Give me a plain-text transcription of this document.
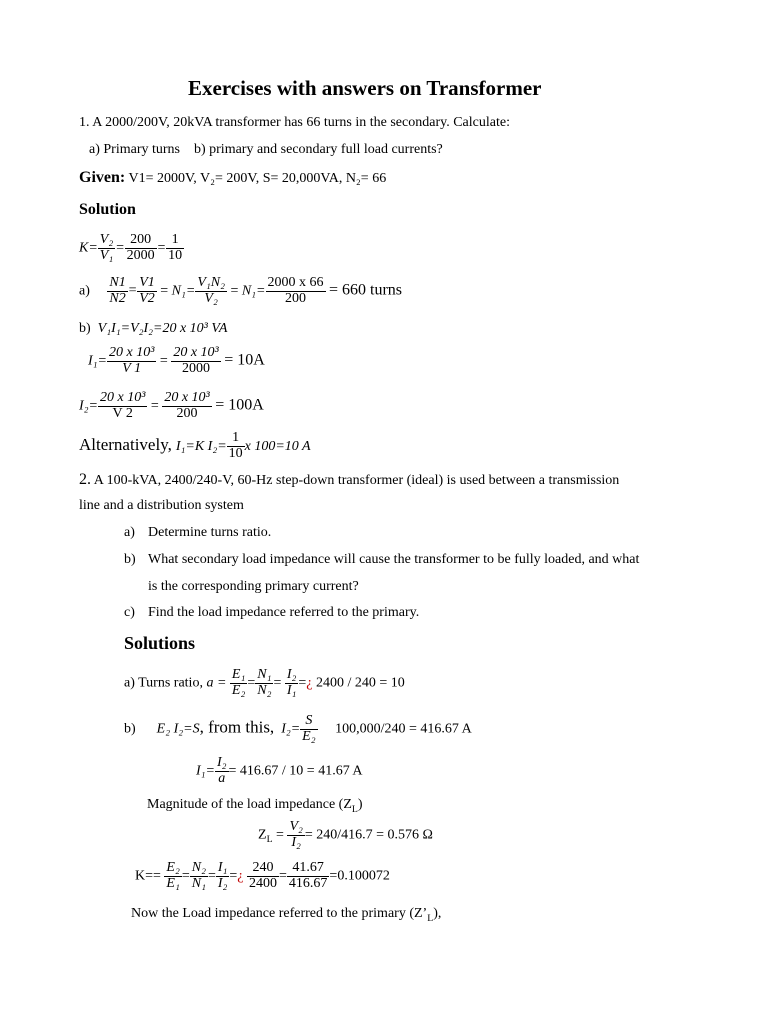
Exercises with answers on Transformer
1. A 2000/200V, 20kVA transformer has 66 turns in the secondary. Calculate:
a) Primary turns    b) primary and secondary full load currents?
Given: V1= 2000V, V₂= 200V, S= 20,000VA, N₂= 66
Solution
$K= \frac{\text{V₂}}{\text{V₁}} = \frac{200}{2000} = \frac{1}{10}$
$a) \frac{N1}{N2} = \frac{V1}{V2} = N_1= \frac{\text{V₁N₂}}{\text{V₂}} = N_1= \frac{2000 x 66}{200} = 660$ turns
b) V₁I₁=V₂I₂=20 x 10³ VA
$I_1= \frac{\text{20 x 10³}}{V 1} = \frac{\text{20 x 10³}}{2000} = 10A$
$I_2= \frac{\text{20 x 10³}}{V 2} = \frac{\text{20 x 10³}}{200} = 100A$
Alternatively, I₁=K $I_2= \frac{1}{10}$ x 100=10 A
2. A 100-kVA, 2400/240-V, 60-Hz step-down transformer (ideal) is used between a transmission
line and a distribution system
a) Determine turns ratio.
b) What secondary load impedance will cause the transformer to be fully loaded, and what
is the corresponding primary current?
c) Find the load impedance referred to the primary.
Solutions
a) Turns ratio, $a = \frac{\text{E₁}}{\text{E₂}} = \frac{\text{N₁}}{\text{N₂}} = \frac{\text{I₂}}{\text{I₁}}$ =¿ 2400 / 240 = 10
b) E₂ I₂=S, from this, $I_2= \frac{S}{\text{E₂}} 100,000/240 = 416.67$ A
$I_1= \frac{\text{I₂}}{a} = 416.67 / 10 = 41.67$ A
Magnitude of the load impedance $(Z_L)$
$Z_L = \frac{\text{V₂}}{\text{I₂}} = 240/416.7 = 0.576$ Ω
$K== \frac{\text{E₂}}{\text{E₁}} = \frac{\text{N₂}}{\text{N₁}} = \frac{\text{I₁}}{\text{I₂}}$ =¿ $\frac{240}{2400} = \frac{41.67}{416.67} =0.100072$
Now the Load impedance referred to the primary $(Z’_L)$,
